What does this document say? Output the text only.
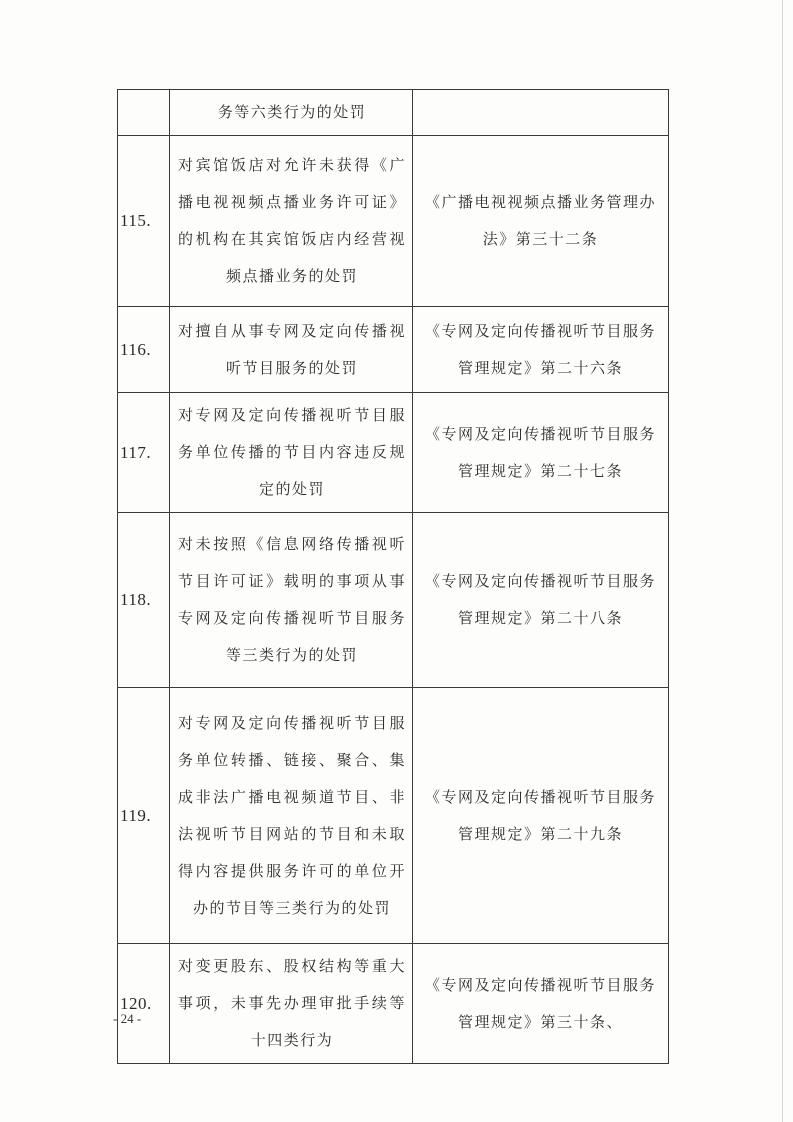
	务等六类行为的处罚	
115.	对宾馆饭店对允许未获得《广播电视视频点播业务许可证》的机构在其宾馆饭店内经营视频点播业务的处罚	《广播电视视频点播业务管理办法》第三十二条
116.	对擅自从事专网及定向传播视听节目服务的处罚	《专网及定向传播视听节目服务管理规定》第二十六条
117.	对专网及定向传播视听节目服务单位传播的节目内容违反规定的处罚	《专网及定向传播视听节目服务管理规定》第二十七条
118.	对未按照《信息网络传播视听节目许可证》载明的事项从事专网及定向传播视听节目服务等三类行为的处罚	《专网及定向传播视听节目服务管理规定》第二十八条
119.	对专网及定向传播视听节目服务单位转播、链接、聚合、集成非法广播电视频道节目、非法视听节目网站的节目和未取得内容提供服务许可的单位开办的节目等三类行为的处罚	《专网及定向传播视听节目服务管理规定》第二十九条
120.	对变更股东、股权结构等重大事项，未事先办理审批手续等十四类行为	《专网及定向传播视听节目服务管理规定》第三十条、
- 24 -
